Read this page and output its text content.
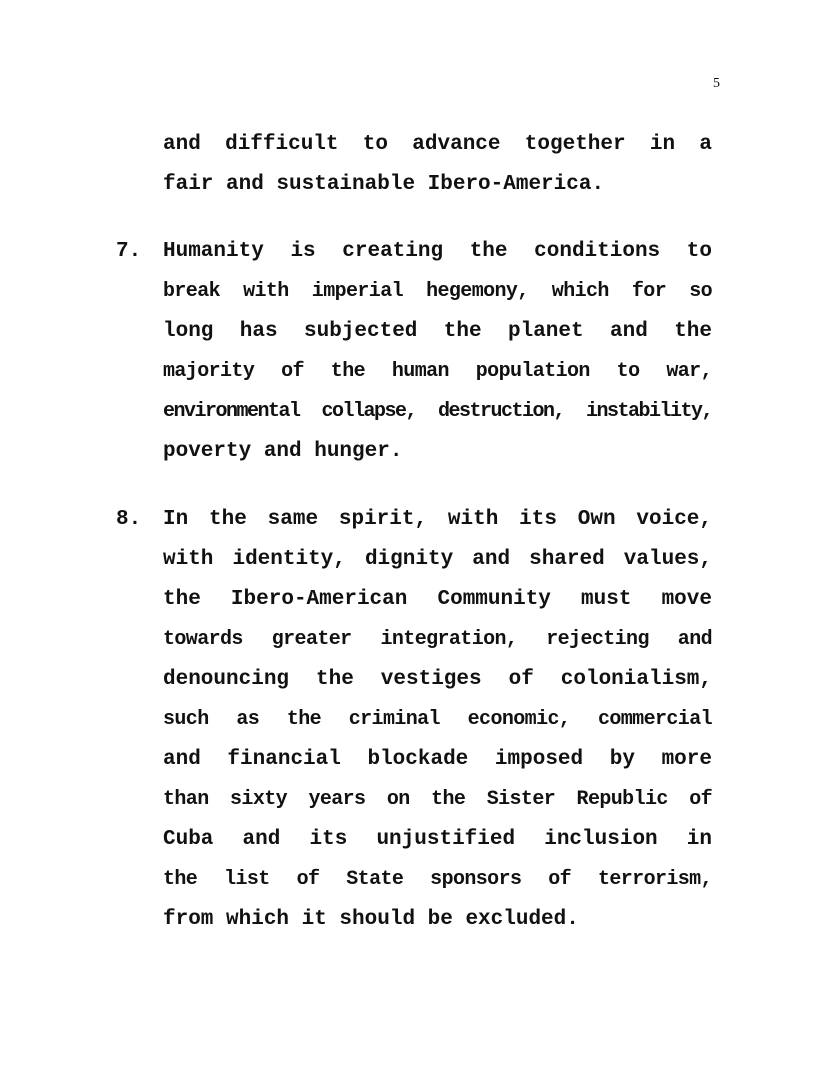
5
and difficult to advance together in a
fair and sustainable Ibero-America.
7.	Humanity is creating the conditions to
break with imperial hegemony, which for so
long has subjected the planet and the
majority of the human population to war,
environmental collapse, destruction, instability,
poverty and hunger.
8.	In the same spirit, with its Own voice,
with identity, dignity and shared values,
the Ibero-American Community must move
towards greater integration, rejecting and
denouncing the vestiges of colonialism,
such as the criminal economic, commercial
and financial blockade imposed by more
than sixty years on the Sister Republic of
Cuba and its unjustified inclusion in
the list of State sponsors of terrorism,
from which it should be excluded.
